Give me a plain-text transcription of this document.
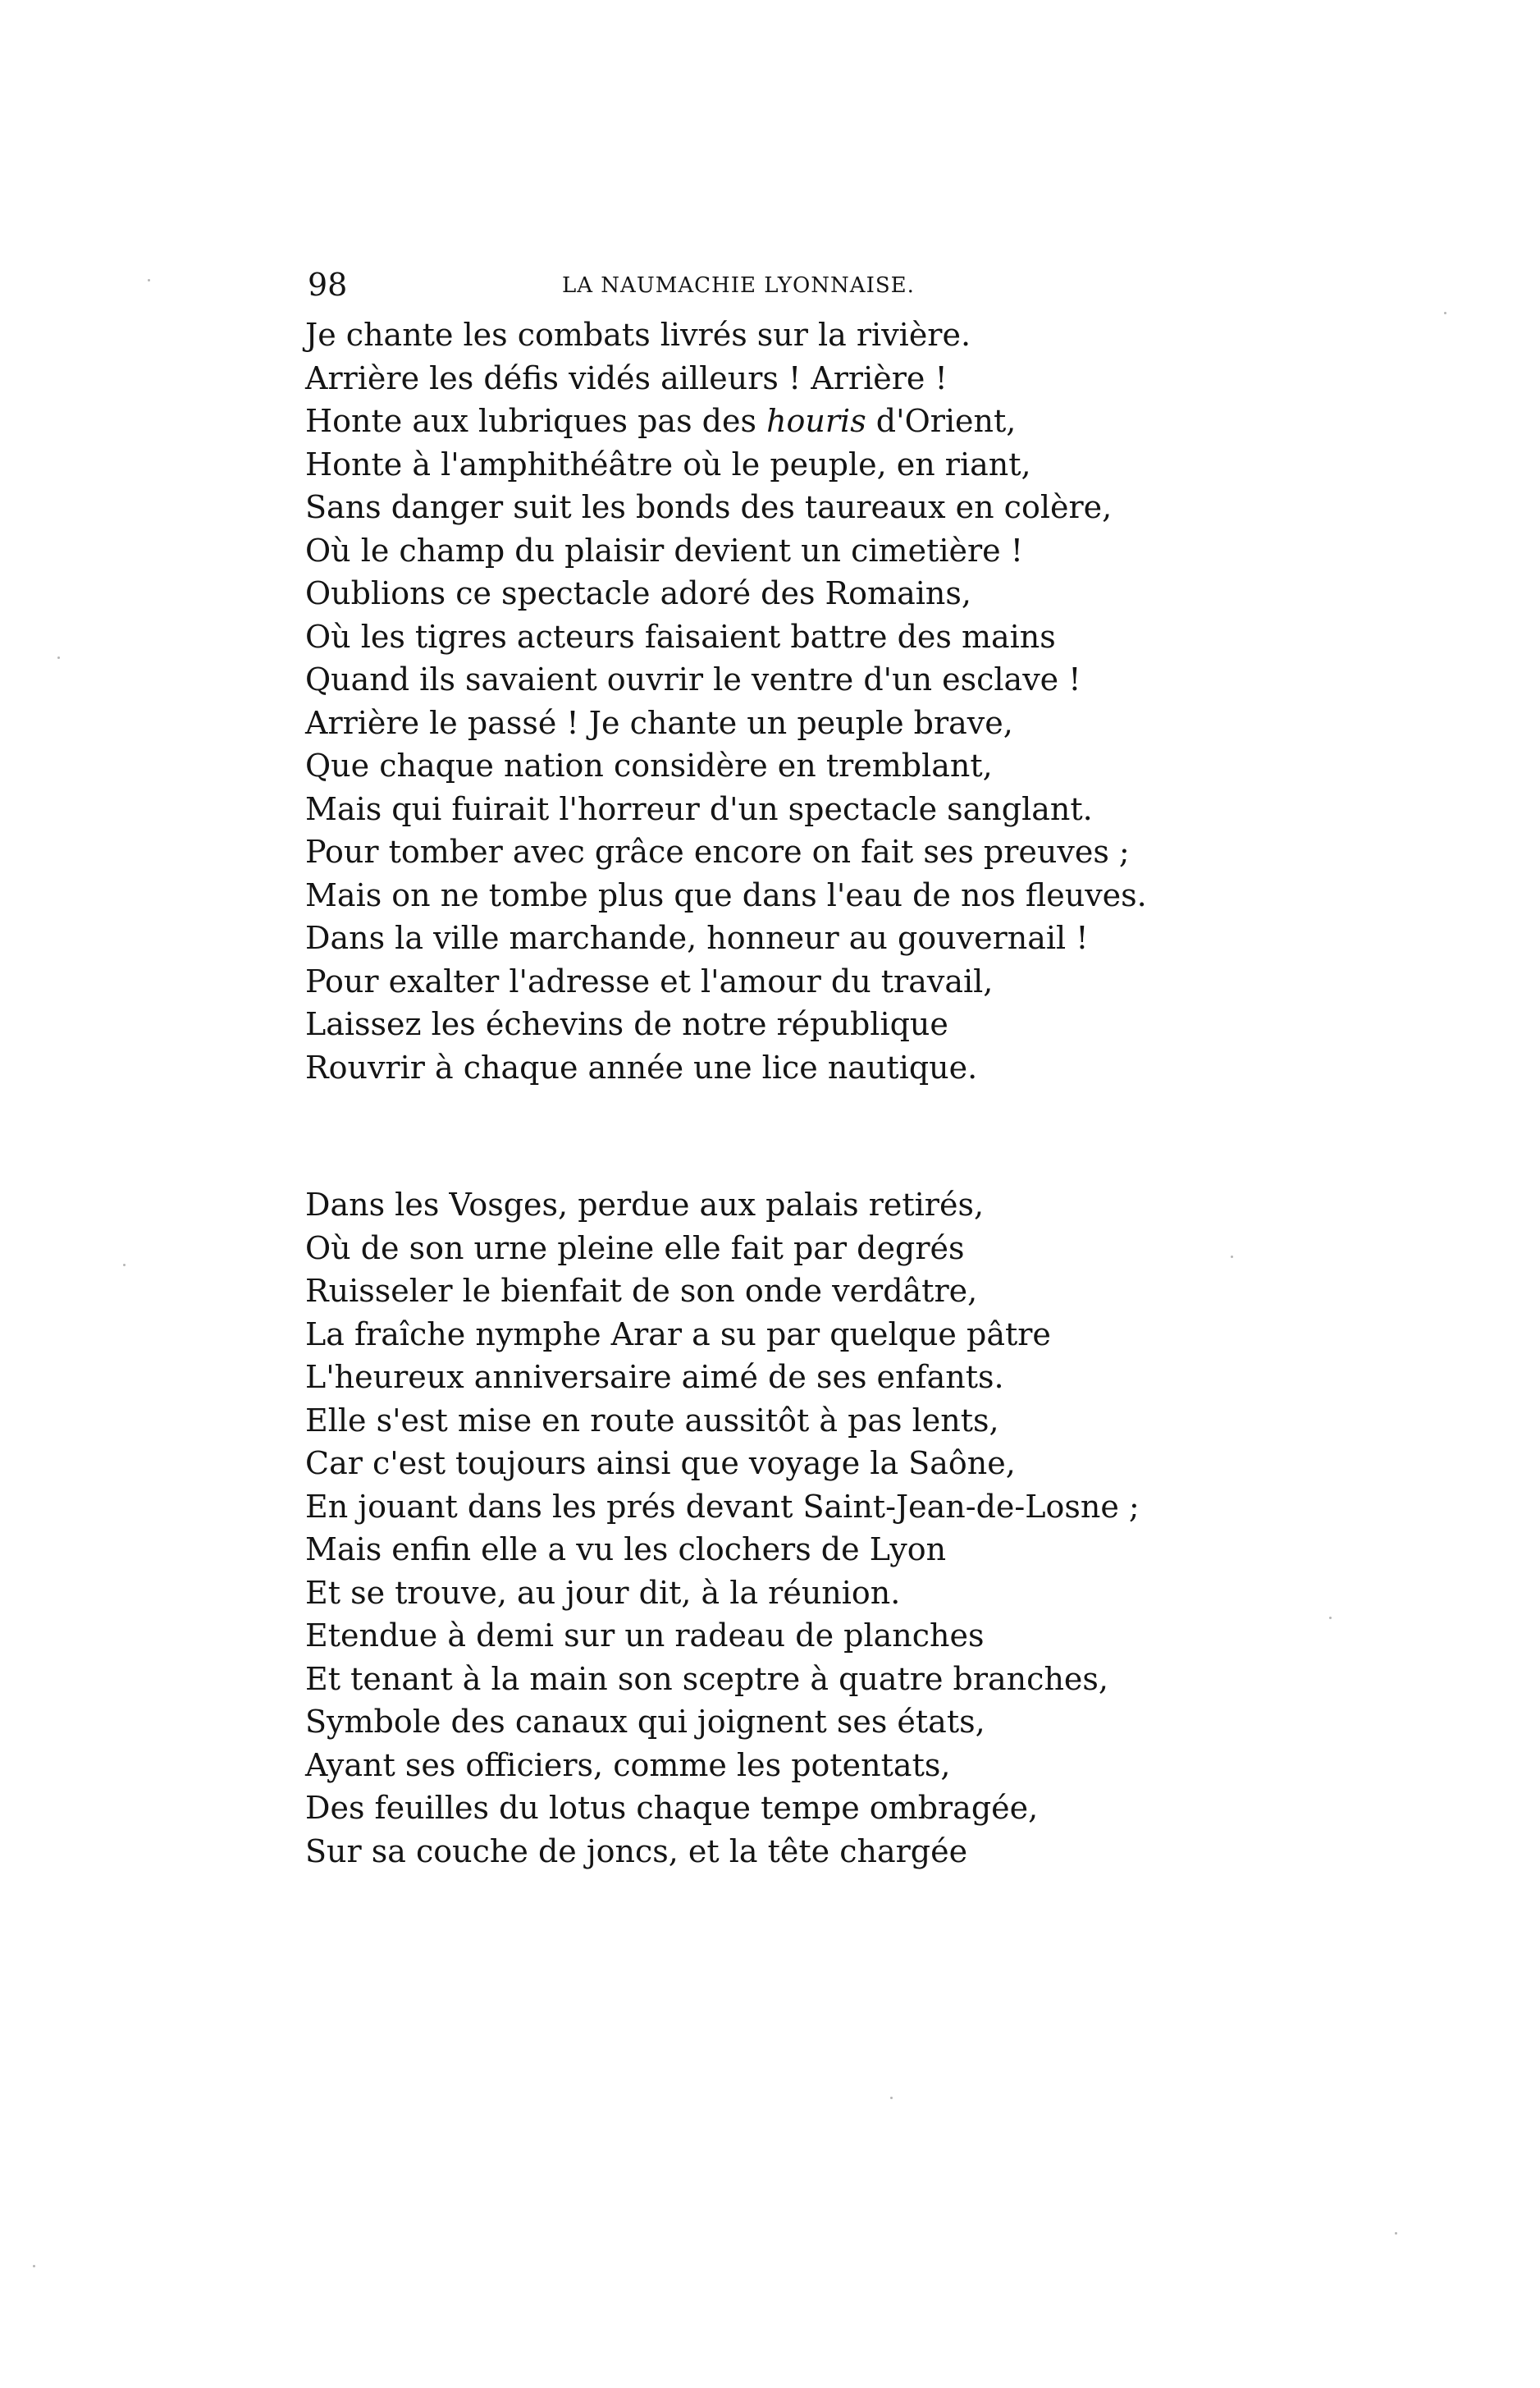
98	LA NAUMACHIE LYONNAISE.
Je chante les combats livrés sur la rivière.
Arrière les défis vidés ailleurs ! Arrière !
Honte aux lubriques pas des houris d'Orient,
Honte à l'amphithéâtre où le peuple, en riant,
Sans danger suit les bonds des taureaux en colère,
Où le champ du plaisir devient un cimetière !
Oublions ce spectacle adoré des Romains,
Où les tigres acteurs faisaient battre des mains
Quand ils savaient ouvrir le ventre d'un esclave !
Arrière le passé ! Je chante un peuple brave,
Que chaque nation considère en tremblant,
Mais qui fuirait l'horreur d'un spectacle sanglant.
Pour tomber avec grâce encore on fait ses preuves ;
Mais on ne tombe plus que dans l'eau de nos fleuves.
Dans la ville marchande, honneur au gouvernail !
Pour exalter l'adresse et l'amour du travail,
Laissez les échevins de notre république
Rouvrir à chaque année une lice nautique.
Dans les Vosges, perdue aux palais retirés,
Où de son urne pleine elle fait par degrés
Ruisseler le bienfait de son onde verdâtre,
La fraîche nymphe Arar a su par quelque pâtre
L'heureux anniversaire aimé de ses enfants.
Elle s'est mise en route aussitôt à pas lents,
Car c'est toujours ainsi que voyage la Saône,
En jouant dans les prés devant Saint-Jean-de-Losne ;
Mais enfin elle a vu les clochers de Lyon
Et se trouve, au jour dit, à la réunion.
Etendue à demi sur un radeau de planches
Et tenant à la main son sceptre à quatre branches,
Symbole des canaux qui joignent ses états,
Ayant ses officiers, comme les potentats,
Des feuilles du lotus chaque tempe ombragée,
Sur sa couche de joncs, et la tête chargée
